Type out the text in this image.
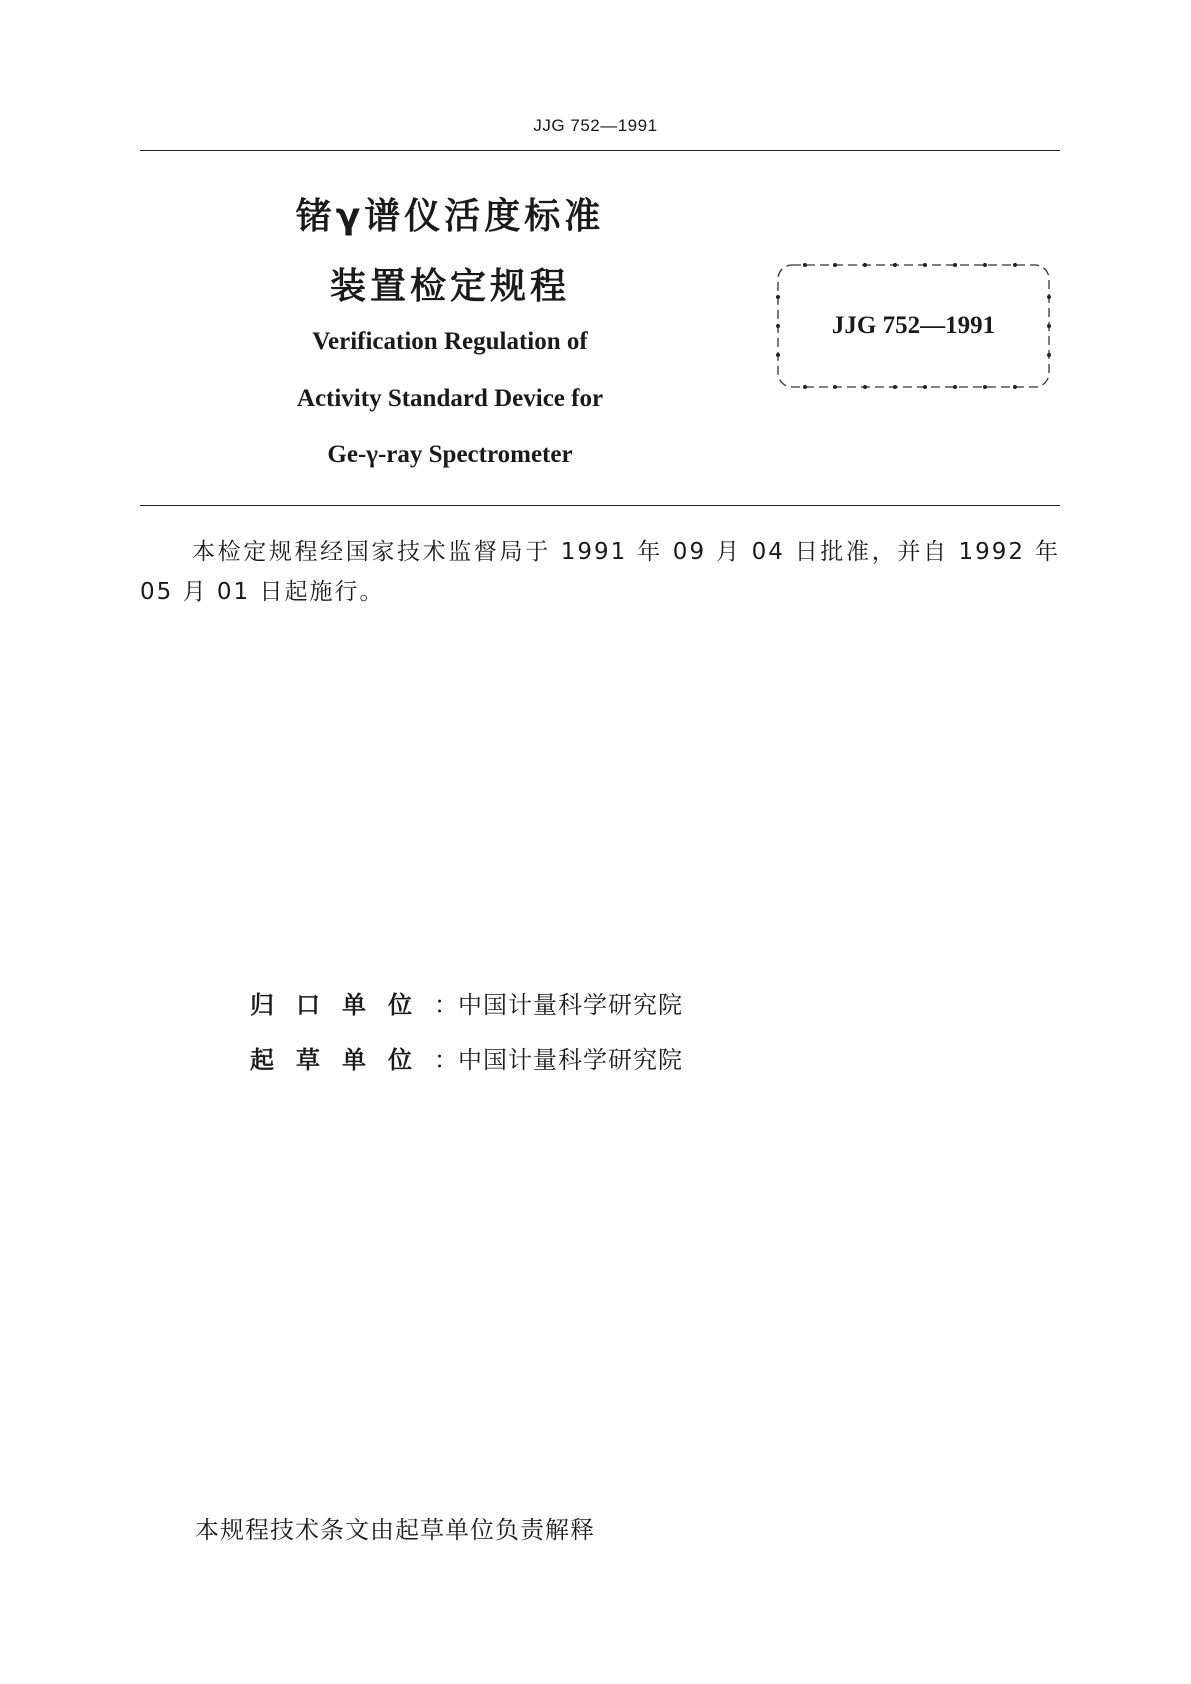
JJG 752—1991
锗γ谱仪活度标准
装置检定规程
Verification Regulation of
Activity Standard Device for
Ge-γ-ray Spectrometer
JJG 752—1991
本检定规程经国家技术监督局于 1991 年 09 月 04 日批准，并自 1992 年 05 月 01 日起施行。
归口单位：中国计量科学研究院
起草单位：中国计量科学研究院
本规程技术条文由起草单位负责解释
